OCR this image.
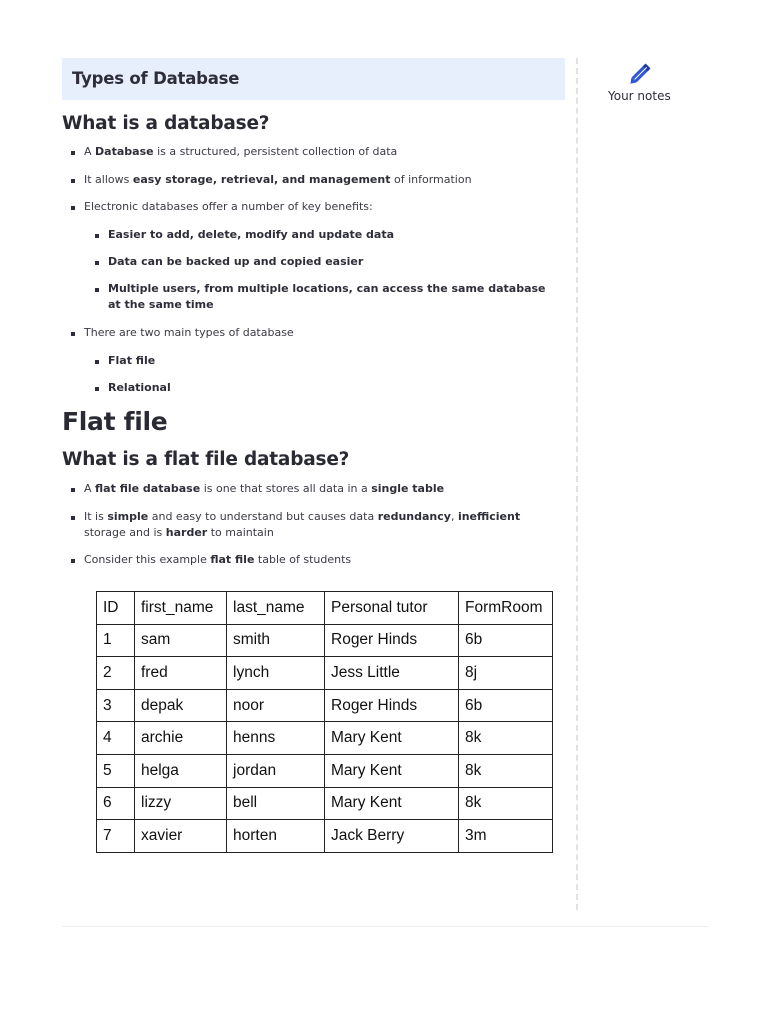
Types of Database
Your notes
What is a database?
A Database is a structured, persistent collection of data
It allows easy storage, retrieval, and management of information
Electronic databases offer a number of key benefits:
Easier to add, delete, modify and update data
Data can be backed up and copied easier
Multiple users, from multiple locations, can access the same database at the same time
There are two main types of database
Flat file
Relational
Flat file
What is a flat file database?
A flat file database is one that stores all data in a single table
It is simple and easy to understand but causes data redundancy, inefficient storage and is harder to maintain
Consider this example flat file table of students
ID	first_name	last_name	Personal tutor	FormRoom
1	sam	smith	Roger Hinds	6b
2	fred	lynch	Jess Little	8j
3	depak	noor	Roger Hinds	6b
4	archie	henns	Mary Kent	8k
5	helga	jordan	Mary Kent	8k
6	lizzy	bell	Mary Kent	8k
7	xavier	horten	Jack Berry	3m
